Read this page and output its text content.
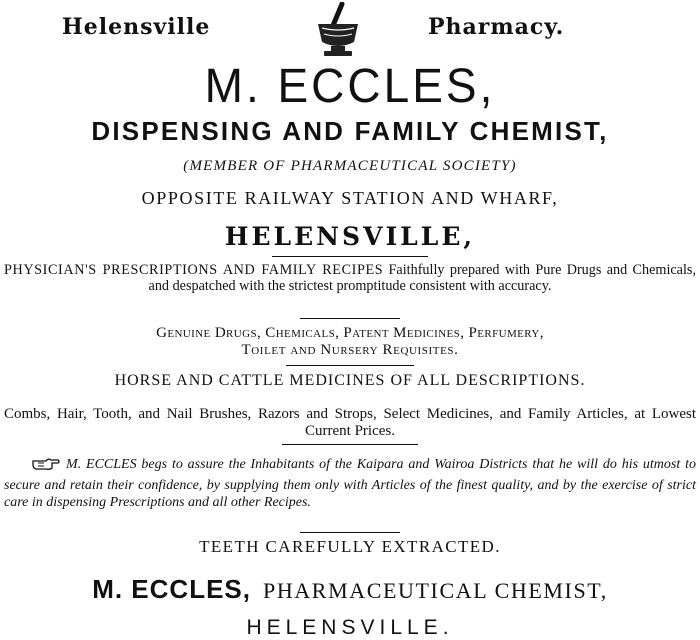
Helensville	Pharmacy.
M. ECCLES,
DISPENSING AND FAMILY CHEMIST,
(MEMBER OF PHARMACEUTICAL SOCIETY)
OPPOSITE RAILWAY STATION AND WHARF,
HELENSVILLE,
PHYSICIAN'S PRESCRIPTIONS AND FAMILY RECIPES Faithfully prepared with Pure Drugs and Chemicals, and despatched with the strictest promptitude consistent with accuracy.
Genuine Drugs, Chemicals, Patent Medicines, Perfumery,
Toilet and Nursery Requisites.
HORSE AND CATTLE MEDICINES OF ALL DESCRIPTIONS.
Combs, Hair, Tooth, and Nail Brushes, Razors and Strops, Select Medicines, and Family Articles, at Lowest Current Prices.
M. ECCLES begs to assure the Inhabitants of the Kaipara and Wairoa Districts that he will do his utmost to secure and retain their confidence, by supplying them only with Articles of the finest quality, and by the exercise of strict care in dispensing Prescriptions and all other Recipes.
TEETH CAREFULLY EXTRACTED.
M. ECCLES, PHARMACEUTICAL CHEMIST,
HELENSVILLE.
